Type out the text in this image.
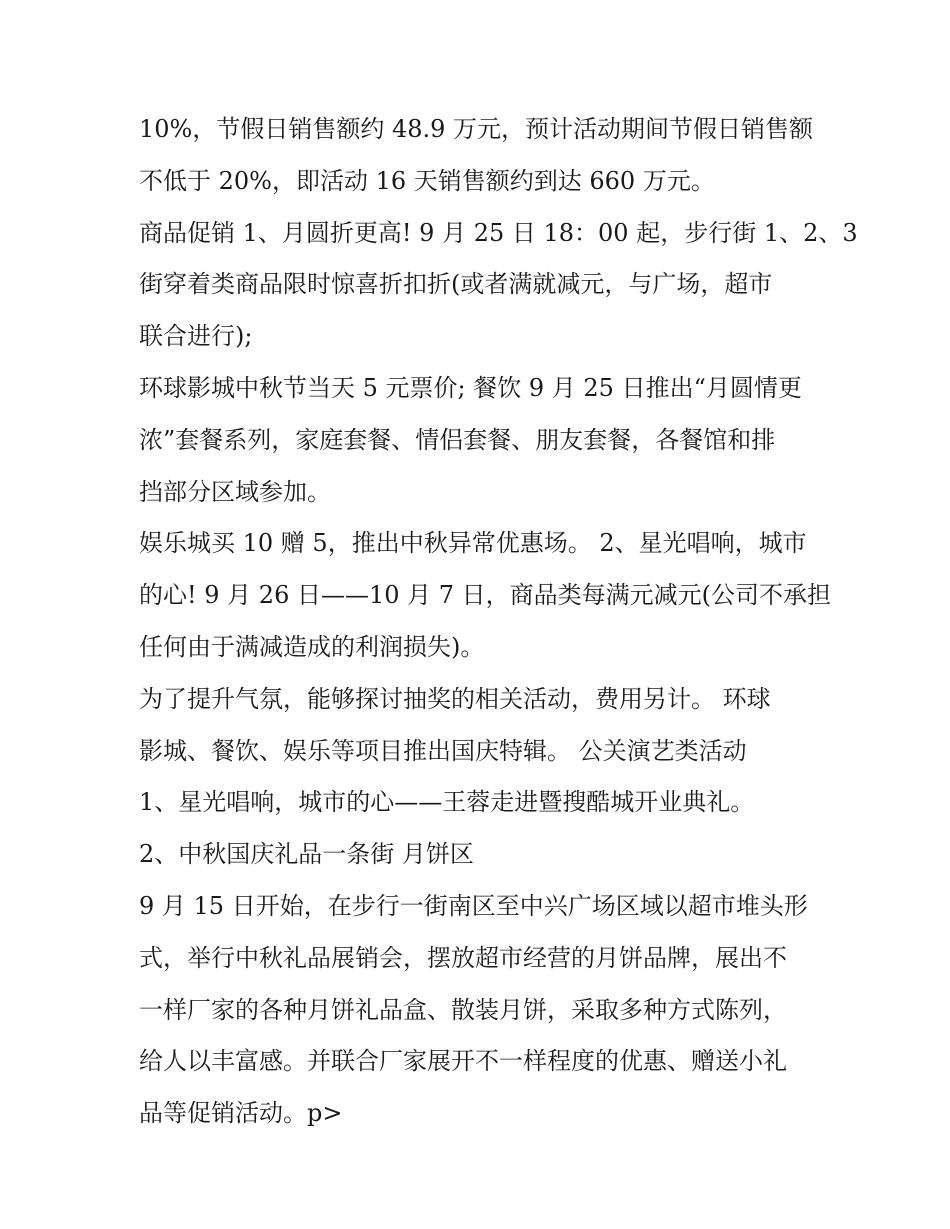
10%，节假日销售额约 48.9 万元，预计活动期间节假日销售额
不低于 20%，即活动 16 天销售额约到达 660 万元。
商品促销 1、月圆折更高! 9 月 25 日 18：00 起，步行街 1、2、3
街穿着类商品限时惊喜折扣折(或者满就减元，与广场，超市
联合进行);
环球影城中秋节当天 5 元票价; 餐饮 9 月 25 日推出“月圆情更
浓”套餐系列，家庭套餐、情侣套餐、朋友套餐，各餐馆和排
挡部分区域参加。
娱乐城买 10 赠 5，推出中秋异常优惠场。 2、星光唱响，城市
的心! 9 月 26 日——10 月 7 日，商品类每满元减元(公司不承担
任何由于满减造成的利润损失)。
为了提升气氛，能够探讨抽奖的相关活动，费用另计。 环球
影城、餐饮、娱乐等项目推出国庆特辑。 公关演艺类活动
1、星光唱响，城市的心——王蓉走进暨搜酷城开业典礼。
2、中秋国庆礼品一条街 月饼区
9 月 15 日开始，在步行一街南区至中兴广场区域以超市堆头形
式，举行中秋礼品展销会，摆放超市经营的月饼品牌，展出不
一样厂家的各种月饼礼品盒、散装月饼，采取多种方式陈列，
给人以丰富感。并联合厂家展开不一样程度的优惠、赠送小礼
品等促销活动。p>
